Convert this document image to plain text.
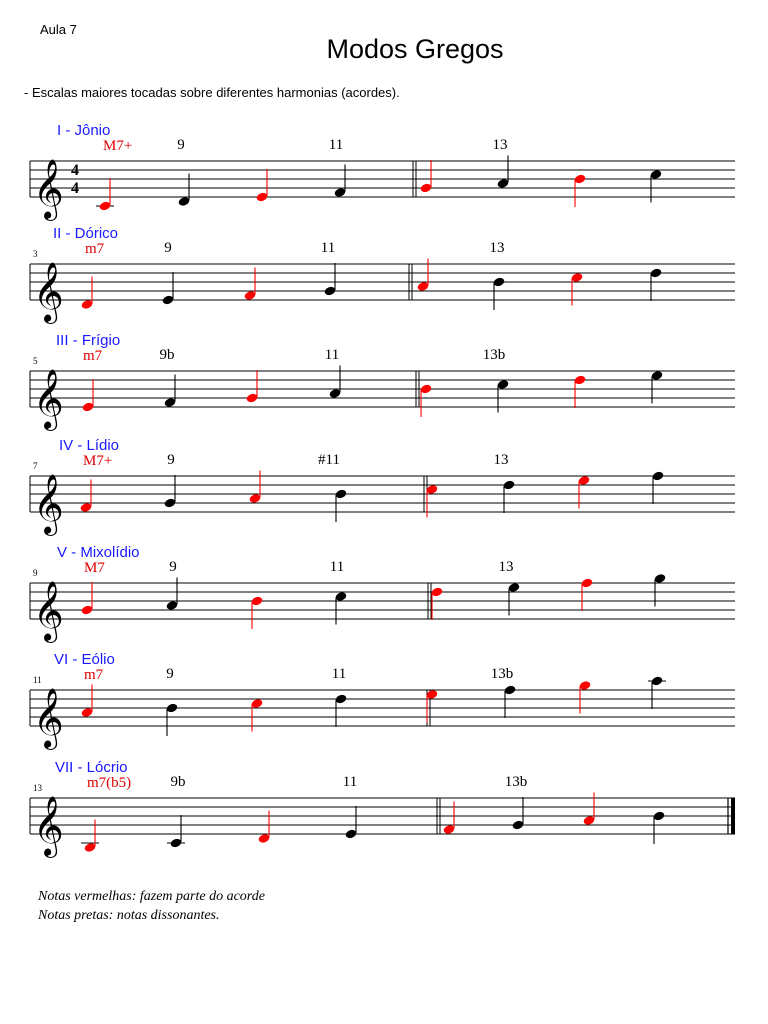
Aula 7
Modos Gregos
- Escalas maiores tocadas sobre diferentes harmonias (acordes).
𝄞 4
4
I - Jônio
M7+	9	11	13
𝄞
3
II - Dórico
m7	9	11	13
𝄞
5
III - Frígio
m7	9b	11	13b
𝄞
7
IV - Lídio
M7+	9	#11	13
𝄞
9
V - Mixolídio
M7	9	11	13
𝄞
11
VI - Eólio
m7	9	11	13b
𝄞
13
VII - Lócrio
m7(b5)	9b	11	13b
Notas vermelhas: fazem parte do acorde
Notas pretas: notas dissonantes.
